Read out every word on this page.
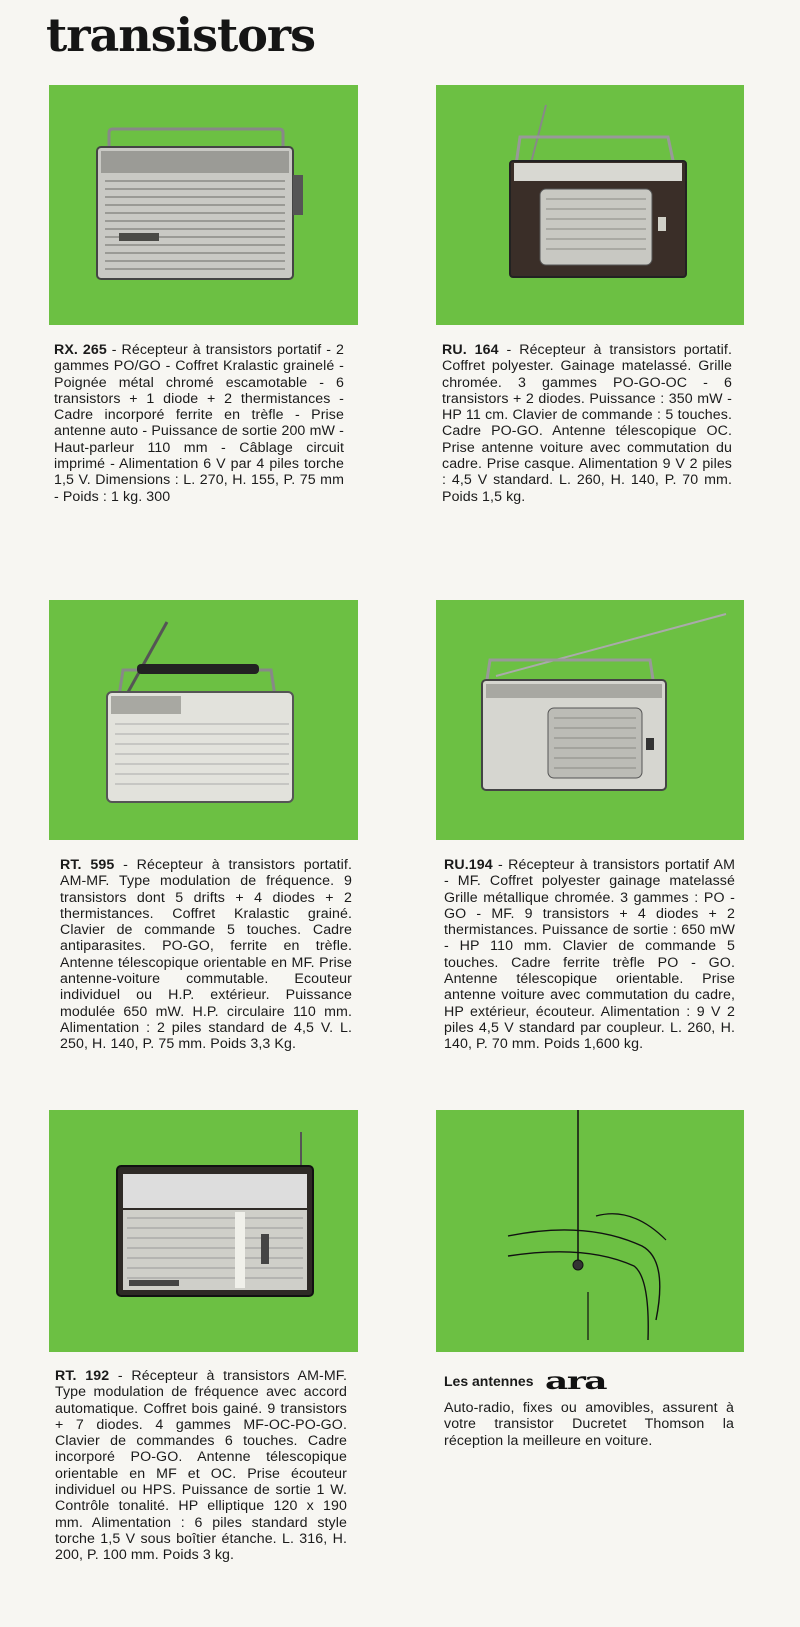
transistors

RX. 265 - Récepteur à transistors portatif - 2 gammes PO/GO - Coffret Kralastic grainelé - Poignée métal chromé escamotable - 6 transistors + 1 diode + 2 thermistances - Cadre incorporé ferrite en trèfle - Prise antenne auto - Puissance de sortie 200 mW - Haut-parleur 110 mm - Câblage circuit imprimé - Alimentation 6 V par 4 piles torche 1,5 V. Dimensions : L. 270, H. 155, P. 75 mm - Poids : 1 kg. 300

RU. 164 - Récepteur à transistors portatif. Coffret polyester. Gainage matelassé. Grille chromée. 3 gammes PO-GO-OC - 6 transistors + 2 diodes. Puissance : 350 mW - HP 11 cm. Clavier de commande : 5 touches. Cadre PO-GO. Antenne télescopique OC. Prise antenne voiture avec commutation du cadre. Prise casque. Alimentation 9 V 2 piles : 4,5 V standard. L. 260, H. 140, P. 70 mm. Poids 1,5 kg.

RT. 595 - Récepteur à transistors portatif. AM-MF. Type modulation de fréquence. 9 transistors dont 5 drifts + 4 diodes + 2 thermistances. Coffret Kralastic grainé. Clavier de commande 5 touches. Cadre antiparasites. PO-GO, ferrite en trèfle. Antenne télescopique orientable en MF. Prise antenne-voiture commutable. Ecouteur individuel ou H.P. extérieur. Puissance modulée 650 mW. H.P. circulaire 110 mm. Alimentation : 2 piles standard de 4,5 V. L. 250, H. 140, P. 75 mm. Poids 3,3 Kg.

RU.194 - Récepteur à transistors portatif AM - MF. Coffret polyester gainage matelassé Grille métallique chromée. 3 gammes : PO - GO - MF. 9 transistors + 4 diodes + 2 thermistances. Puissance de sortie : 650 mW - HP 110 mm. Clavier de commande 5 touches. Cadre ferrite trèfle PO - GO. Antenne télescopique orientable. Prise antenne voiture avec commutation du cadre, HP extérieur, écouteur. Alimentation : 9 V 2 piles 4,5 V standard par coupleur. L. 260, H. 140, P. 70 mm. Poids 1,600 kg.

RT. 192 - Récepteur à transistors AM-MF. Type modulation de fréquence avec accord automatique. Coffret bois gainé. 9 transistors + 7 diodes. 4 gammes MF-OC-PO-GO. Clavier de commandes 6 touches. Cadre incorporé PO-GO. Antenne télescopique orientable en MF et OC. Prise écouteur individuel ou HPS. Puissance de sortie 1 W. Contrôle tonalité. HP elliptique 120 x 190 mm. Alimentation : 6 piles standard style torche 1,5 V sous boîtier étanche. L. 316, H. 200, P. 100 mm. Poids 3 kg.

Les antennes ara

Auto-radio, fixes ou amovibles, assurent à votre transistor Ducretet Thomson la réception la meilleure en voiture.
